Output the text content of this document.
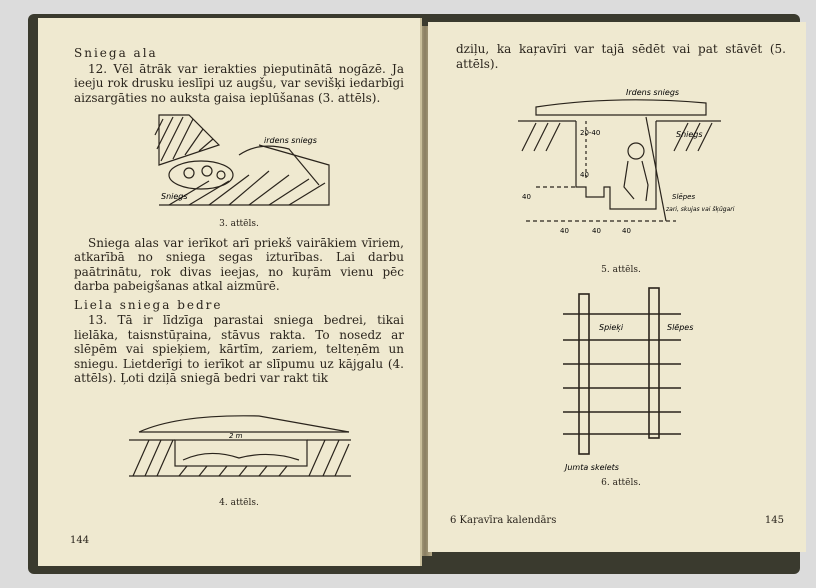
Sniega ala

12. Vēl ātrāk var ierakties pieputinātā nogāzē. Ja ieeju rok drusku ieslīpi uz augšu, var sevišķi iedarbīgi aizsargāties no auksta gaisa ieplūšanas (3. attēls).

irdens sniegs
Sniegs
3. attēls.

Sniega alas var ierīkot arī priekš vairākiem vīriem, atkarībā no sniega segas izturības. Lai darbu paātrinātu, rok divas ieejas, no kuŗām vienu pēc darba pabeigšanas atkal aizmūrē.

Liela sniega bedre

13. Tā ir līdzīga parastai sniega bedrei, tikai lielāka, taisnstūŗaina, stāvus rakta. To nosedz ar slēpēm vai spieķiem, kārtīm, zariem, telteņēm un sniegu. Lietderīgi to ierīkot ar slīpumu uz kājgalu (4. attēls). Ļoti dziļā sniegā bedri var rakt tik

2 m
4. attēls.
144

dziļu, ka kaŗavīri var tajā sēdēt vai pat stāvēt (5. attēls).

Irdens sniegs
Sniegs
20-40
40
40
40	40	40
Slēpes
zari, skujas vai šķūgari
5. attēls.
Spieķi	Slēpes
Jumta skelets
6. attēls.
6 Kaŗavīra kalendārs	145
